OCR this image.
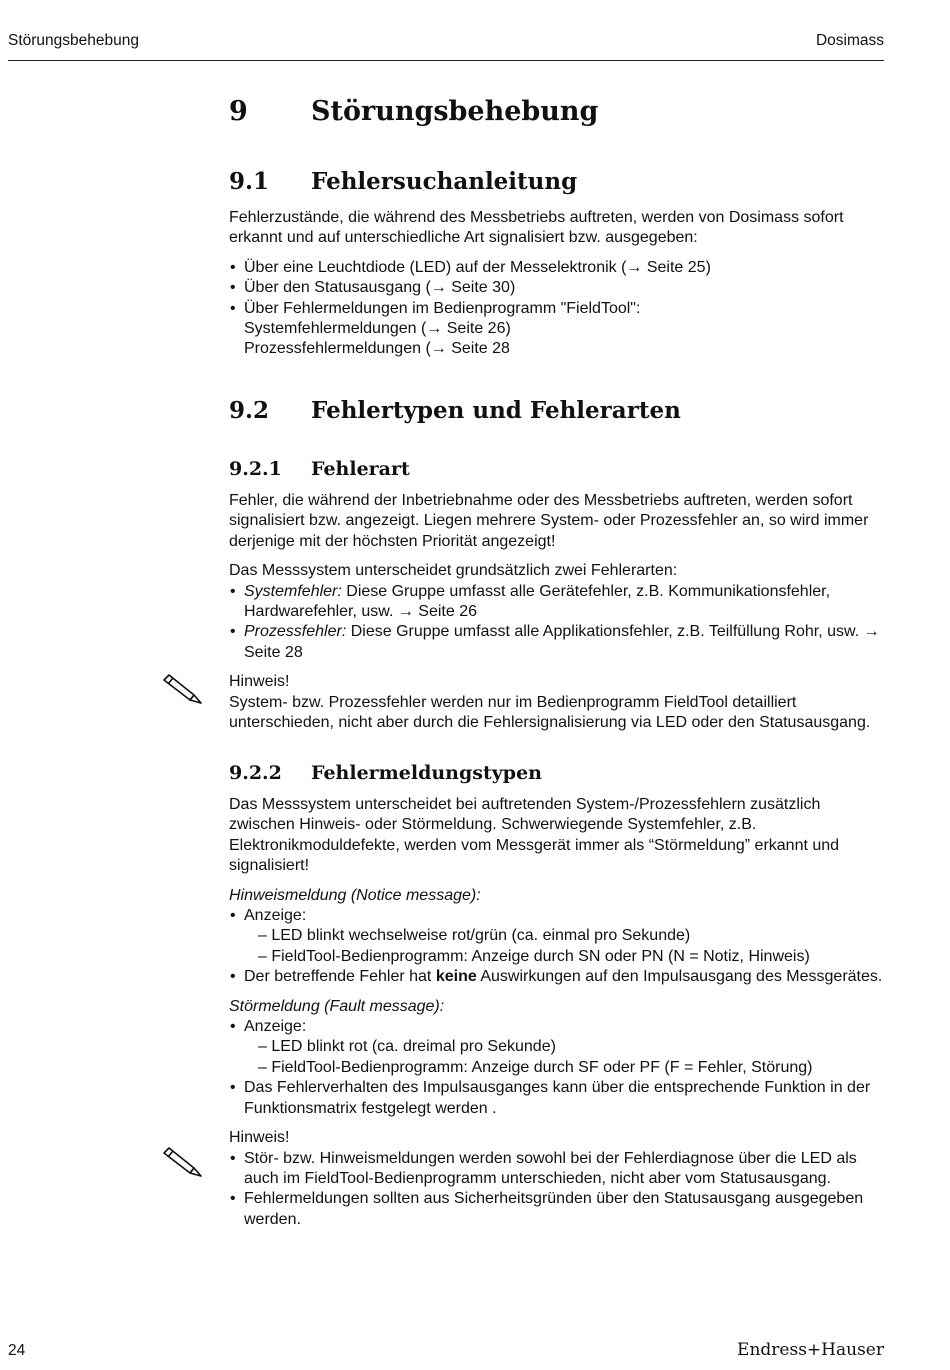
Störungsbehebung	Dosimass
9 Störungsbehebung
9.1 Fehlersuchanleitung

Fehlerzustände, die während des Messbetriebs auftreten, werden von Dosimass sofort erkannt und auf unterschiedliche Art signalisiert bzw. ausgegeben:

• Über eine Leuchtdiode (LED) auf der Messelektronik (→ Seite 25)
• Über den Statusausgang (→ Seite 30)
• Über Fehlermeldungen im Bedienprogramm "FieldTool":
Systemfehlermeldungen (→ Seite 26)
Prozessfehlermeldungen (→ Seite 28
9.2 Fehlertypen und Fehlerarten
9.2.1 Fehlerart

Fehler, die während der Inbetriebnahme oder des Messbetriebs auftreten, werden sofort signalisiert bzw. angezeigt. Liegen mehrere System- oder Prozessfehler an, so wird immer derjenige mit der höchsten Priorität angezeigt!

Das Messsystem unterscheidet grundsätzlich zwei Fehlerarten:

• Systemfehler: Diese Gruppe umfasst alle Gerätefehler, z.B. Kommunikationsfehler, Hardwarefehler, usw. → Seite 26
• Prozessfehler: Diese Gruppe umfasst alle Applikationsfehler, z.B. Teilfüllung Rohr, usw. → Seite 28

Hinweis!

System- bzw. Prozessfehler werden nur im Bedienprogramm FieldTool detailliert unterschieden, nicht aber durch die Fehlersignalisierung via LED oder den Statusausgang.

9.2.2 Fehlermeldungstypen

Das Messsystem unterscheidet bei auftretenden System-/Prozessfehlern zusätzlich zwischen Hinweis- oder Störmeldung. Schwerwiegende Systemfehler, z.B. Elektronikmoduldefekte, werden vom Messgerät immer als “Störmeldung” erkannt und signalisiert!

Hinweismeldung (Notice message):

• Anzeige:
– LED blinkt wechselweise rot/grün (ca. einmal pro Sekunde)
– FieldTool-Bedienprogramm: Anzeige durch SN oder PN (N = Notiz, Hinweis)
• Der betreffende Fehler hat keine Auswirkungen auf den Impulsausgang des Messgerätes.

Störmeldung (Fault message):

• Anzeige:
– LED blinkt rot (ca. dreimal pro Sekunde)
– FieldTool-Bedienprogramm: Anzeige durch SF oder PF (F = Fehler, Störung)
• Das Fehlerverhalten des Impulsausganges kann über die entsprechende Funktion in der Funktionsmatrix festgelegt werden .

Hinweis!

• Stör- bzw. Hinweismeldungen werden sowohl bei der Fehlerdiagnose über die LED als auch im FieldTool-Bedienprogramm unterschieden, nicht aber vom Statusausgang.
• Fehlermeldungen sollten aus Sicherheitsgründen über den Statusausgang ausgegeben werden.
24	Endress+Hauser
